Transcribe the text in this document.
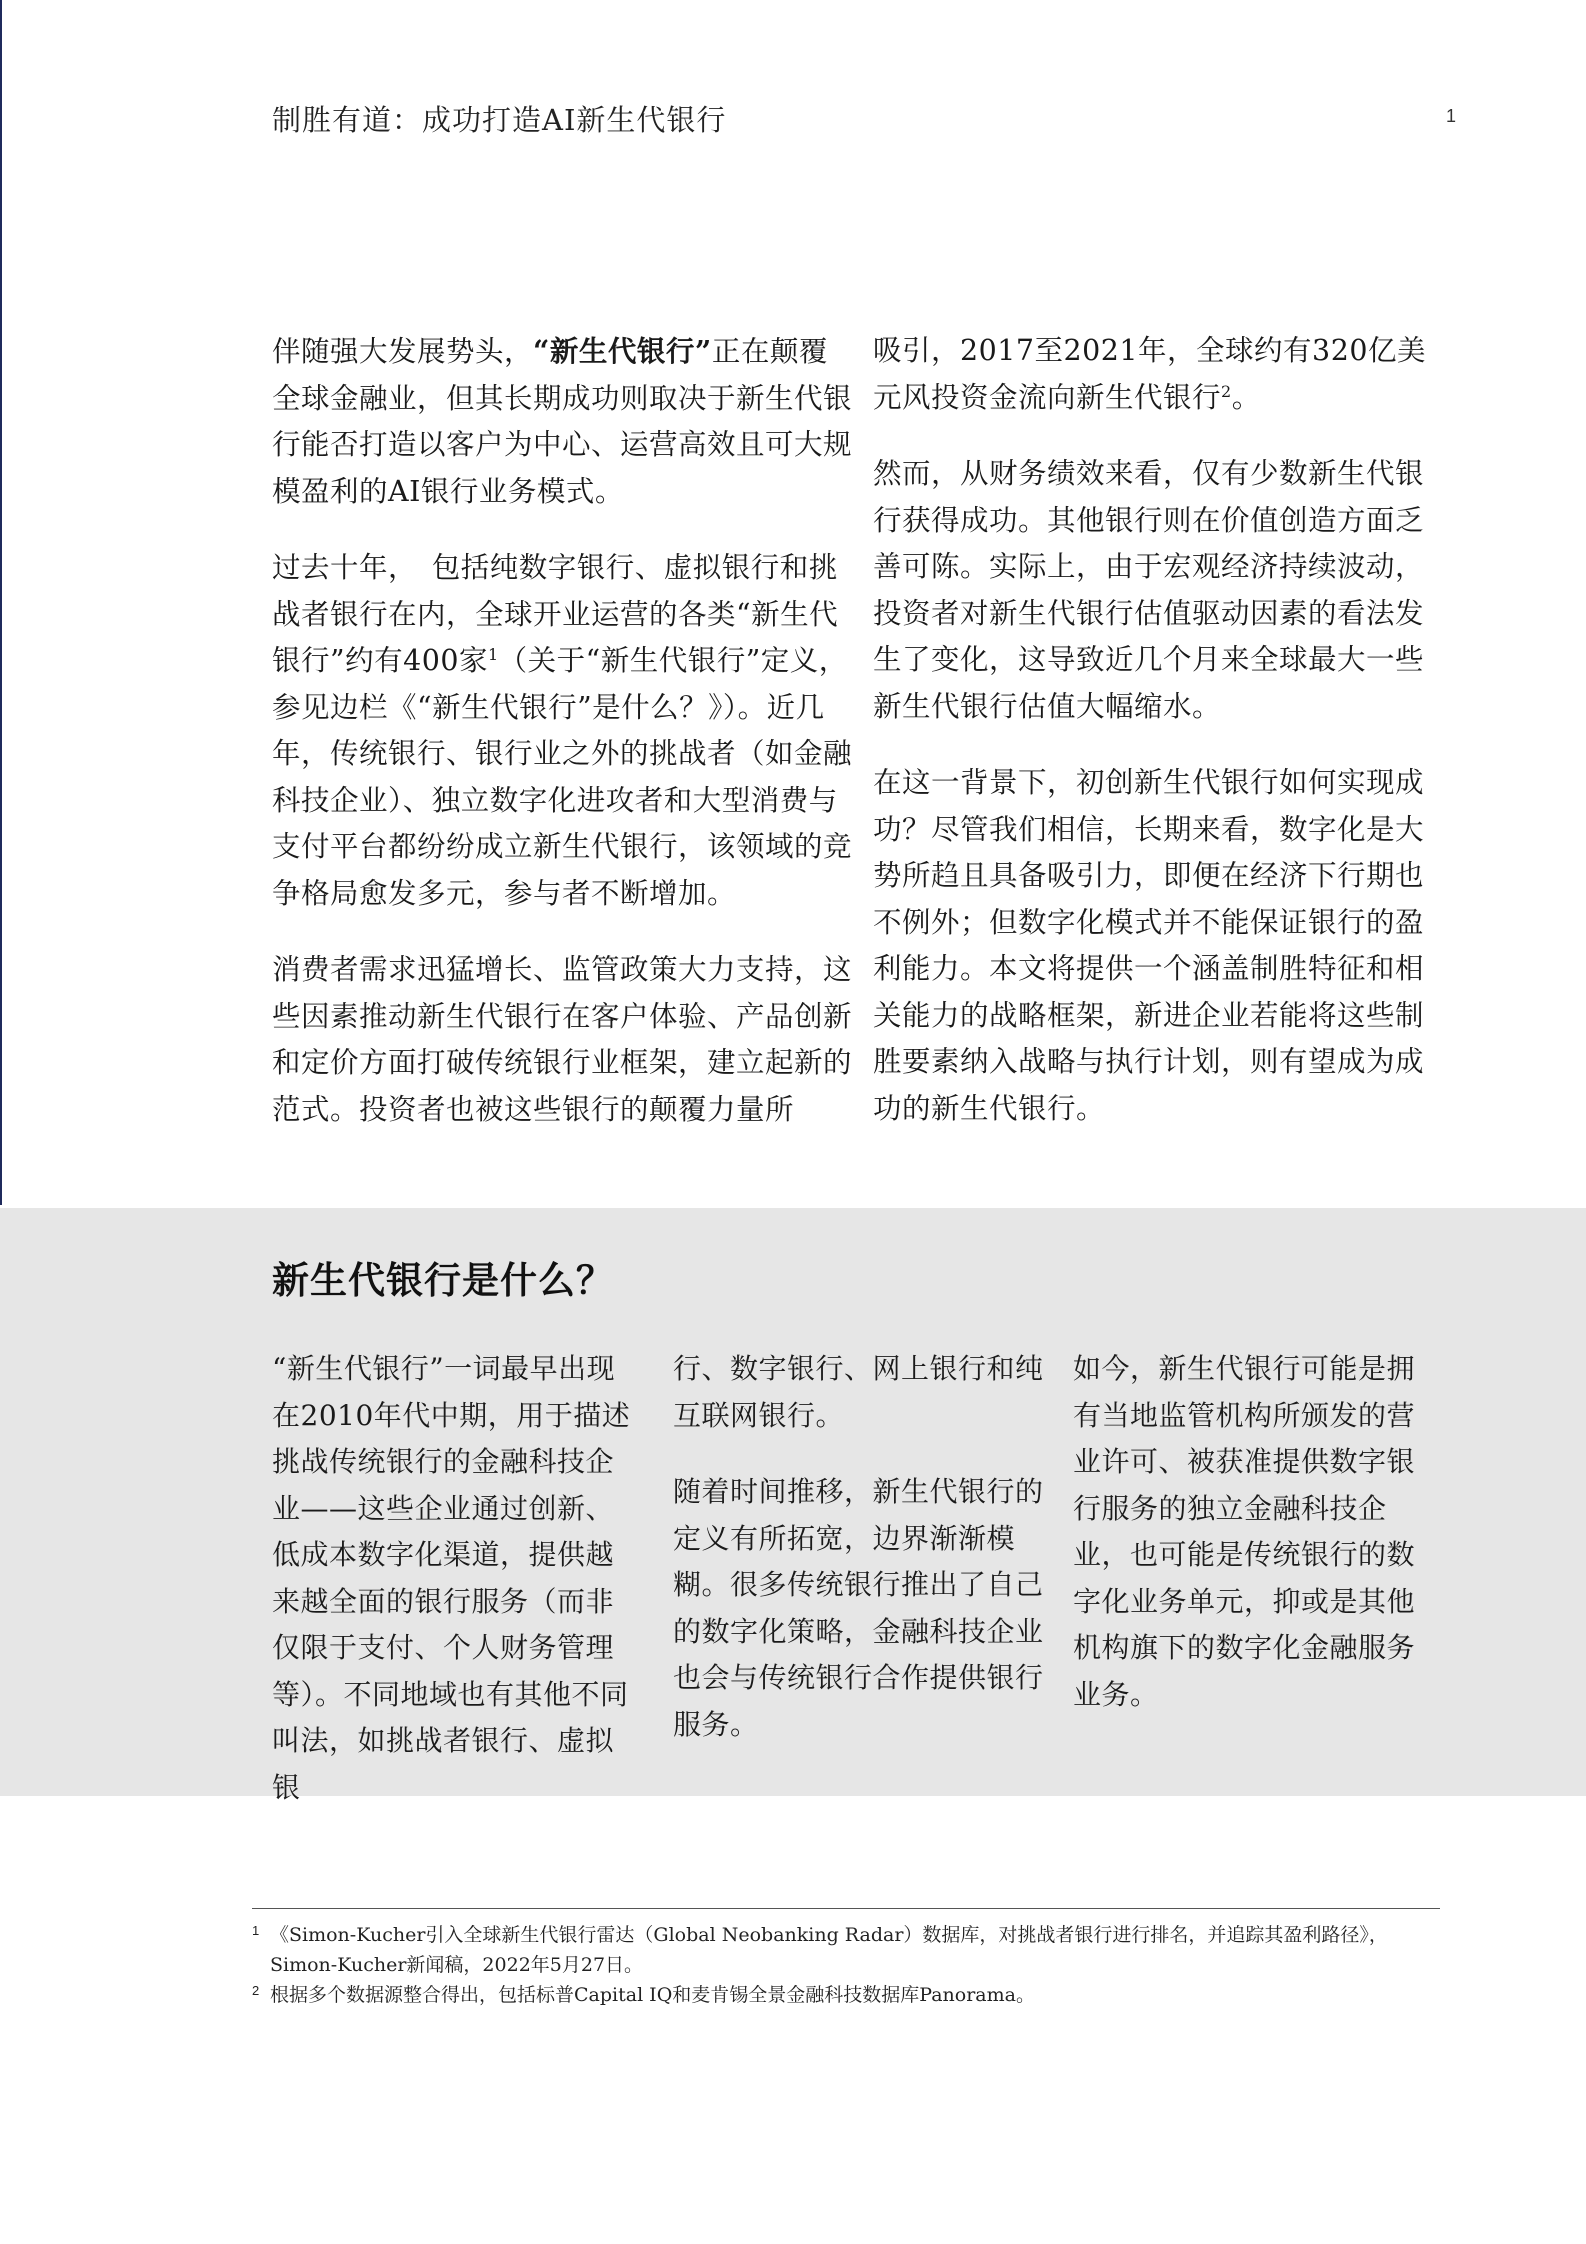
制胜有道：成功打造AI新生代银行	1

伴随强大发展势头，“新生代银行”正在颠覆全球金融业，但其长期成功则取决于新生代银行能否打造以客户为中心、运营高效且可大规模盈利的AI银行业务模式。

过去十年，　包括纯数字银行、虚拟银行和挑战者银行在内，全球开业运营的各类“新生代银行”约有400家$^1$（关于“新生代银行”定义，参见边栏《“新生代银行”是什么？》）。近几年，传统银行、银行业之外的挑战者（如金融科技企业）、独立数字化进攻者和大型消费与支付平台都纷纷成立新生代银行，该领域的竞争格局愈发多元，参与者不断增加。

消费者需求迅猛增长、监管政策大力支持，这些因素推动新生代银行在客户体验、产品创新和定价方面打破传统银行业框架，建立起新的范式。投资者也被这些银行的颠覆力量所

吸引，2017至2021年，全球约有320亿美元风投资金流向新生代银行$^2$。

然而，从财务绩效来看，仅有少数新生代银行获得成功。其他银行则在价值创造方面乏善可陈。实际上，由于宏观经济持续波动，投资者对新生代银行估值驱动因素的看法发生了变化，这导致近几个月来全球最大一些新生代银行估值大幅缩水。

在这一背景下，初创新生代银行如何实现成功？尽管我们相信，长期来看，数字化是大势所趋且具备吸引力，即便在经济下行期也不例外；但数字化模式并不能保证银行的盈利能力。本文将提供一个涵盖制胜特征和相关能力的战略框架，新进企业若能将这些制胜要素纳入战略与执行计划，则有望成为成功的新生代银行。

新生代银行是什么？

“新生代银行”一词最早出现在2010年代中期，用于描述挑战传统银行的金融科技企业——这些企业通过创新、低成本数字化渠道，提供越来越全面的银行服务（而非仅限于支付、个人财务管理等）。不同地域也有其他不同叫法，如挑战者银行、虚拟银

行、数字银行、网上银行和纯互联网银行。

随着时间推移，新生代银行的定义有所拓宽，边界渐渐模糊。很多传统银行推出了自己的数字化策略，金融科技企业也会与传统银行合作提供银行服务。

如今，新生代银行可能是拥有当地监管机构所颁发的营业许可、被获准提供数字银行服务的独立金融科技企业，也可能是传统银行的数字化业务单元，抑或是其他机构旗下的数字化金融服务业务。

1 《Simon-Kucher引入全球新生代银行雷达（Global Neobanking Radar）数据库，对挑战者银行进行排名，并追踪其盈利路径》，Simon-Kucher新闻稿，2022年5月27日。
2 根据多个数据源整合得出，包括标普Capital IQ和麦肯锡全景金融科技数据库Panorama。
